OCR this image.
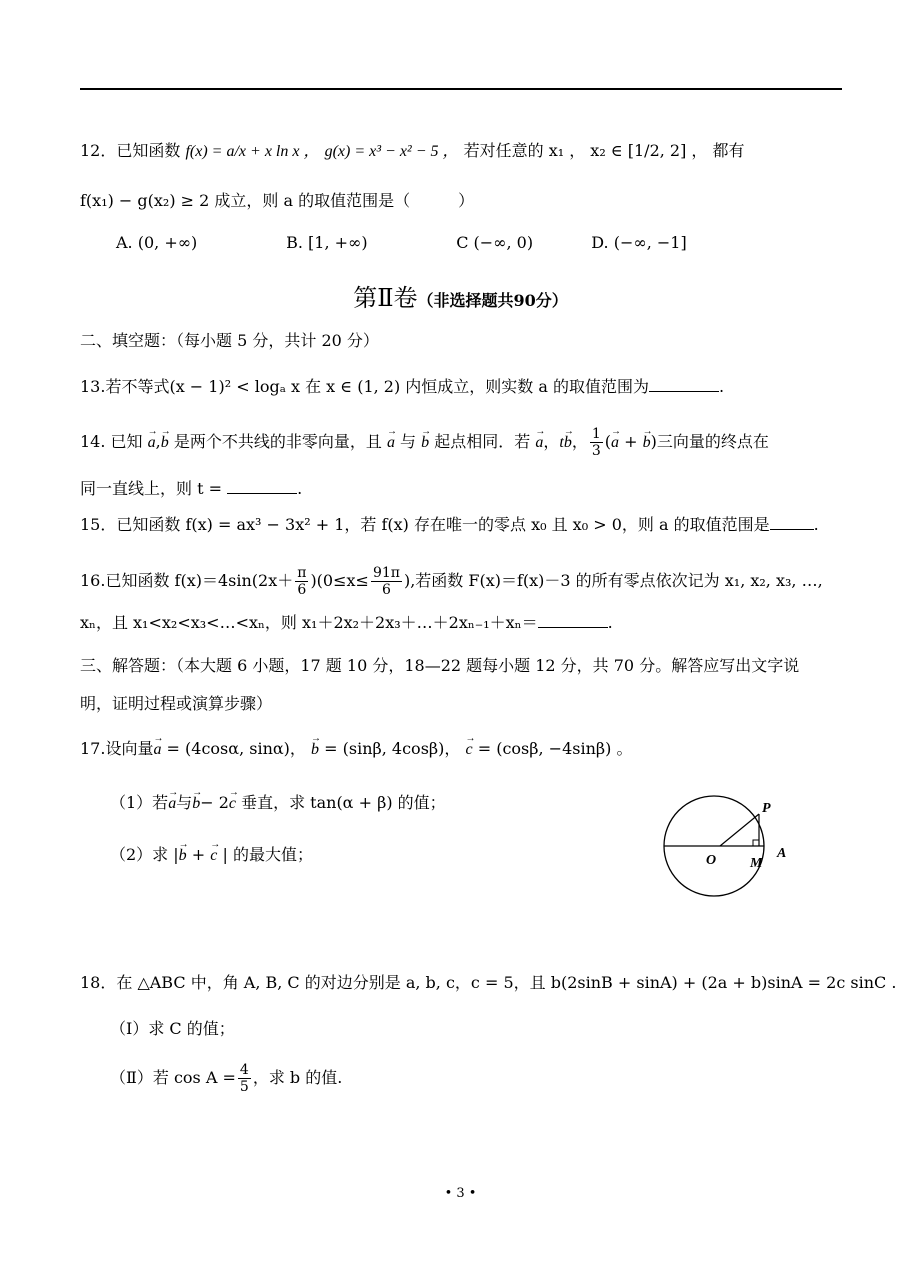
12．已知函数 f(x) = a/x + x ln x ， g(x) = x³ − x² − 5 ， 若对任意的 x₁ ， x₂ ∈ [1/2, 2] ， 都有
f(x₁) − g(x₂) ≥ 2 成立，则 a 的取值范围是（　　　）
A. (0, +∞)	B. [1, +∞)	C (−∞, 0)	D. (−∞, −1]
第Ⅱ卷（非选择题共90分）
二、填空题：（每小题 5 分，共计 20 分）
13.若不等式(x − 1)² < logₐ x 在 x ∈ (1, 2) 内恒成立，则实数 a 的取值范围为	.
14. 已知 → a,→ b 是两个不共线的非零向量，且 → a 与 → b 起点相同．若 → a，t→ b， $\frac{1}{3}$ (→ a + → b)三向量的终点在
同一直线上，则 t =	.
15．已知函数 f(x) = ax³ − 3x² + 1，若 f(x) 存在唯一的零点 x₀ 且 x₀ > 0，则 a 的取值范围是	.
16.已知函数 $f(x)=4\sin(2x+ \frac{\pi}{6} )(0\le x\le \frac{91\pi}{6}$ ),若函数 F(x)＝f(x)－3 的所有零点依次记为 x₁, x₂, x₃, …,
xₙ，且 x₁<x₂<x₃<…<xₙ，则 x₁＋2x₂＋2x₃＋…＋2xₙ₋₁＋xₙ＝	.
三、解答题：（本大题 6 小题，17 题 10 分，18—22 题每小题 12 分，共 70 分。解答应写出文字说
明，证明过程或演算步骤）
17.设向量→ a = (4cosα, sinα)， → b = (sinβ, 4cosβ)， → c = (cosβ, −4sinβ) 。
（1）若→ a与→ b− 2→ c 垂直，求 tan(α + β) 的值；
（2）求 |→ b + → c | 的最大值；
P
O M
A
18．在 △ABC 中，角 A, B, C 的对边分别是 a, b, c，c = 5，且 b(2sinB + sinA) + (2a + b)sinA = 2c sinC .
（Ⅰ）求 C 的值；
（Ⅱ）若 $\cos A = \frac{4}{5}$ ，求 b 的值.
• 3 •
